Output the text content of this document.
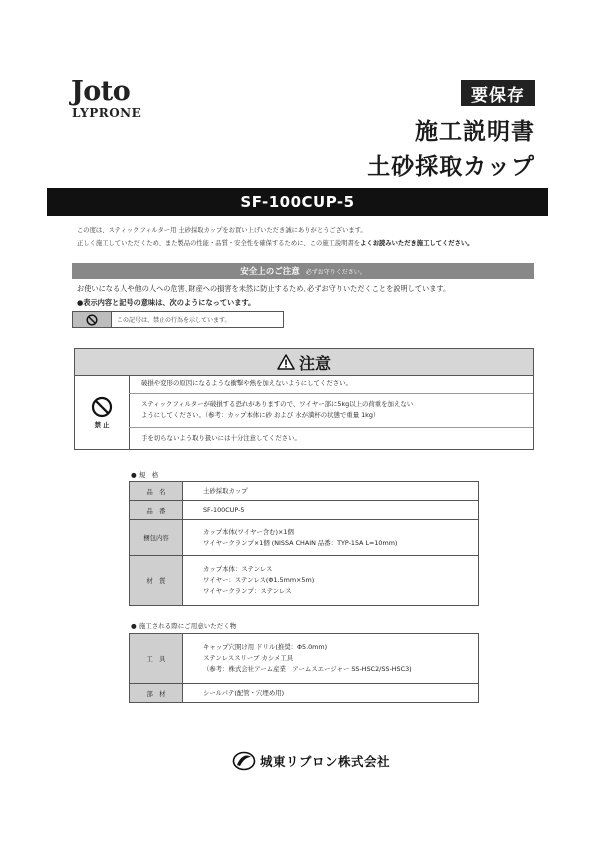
Joto
LYPRONE
要保存
施工説明書
土砂採取カップ
SF-100CUP-5
この度は、スティックフィルター用 土砂採取カップをお買い上げいただき誠にありがとうございます。
正しく施工していただくため、また製品の性能・品質・安全性を確保するために、この施工説明書をよくお読みいただき施工してください。
安全上のご注意 必ずお守りください。
お使いになる人や他の人への危害､財産への損害を未然に防止するため､必ずお守りいただくことを説明しています。
●表示内容と記号の意味は、次のようになっています。
この記号は、禁止の行為を示しています。
注意
禁 止
破損や変形の原因になるような衝撃や熱を加えないようにしてください。
スティックフィルターが破損する恐れがありますので、ワイヤー部に5kg以上の荷重を加えない
ようにしてください。（参考：カップ本体に砂 および 水が満杯の状態で重量 1kg）
手を切らないよう取り扱いには十分注意してください。
● 規　格
品　名	土砂採取カップ

品　番	SF-100CUP-5

梱包内容	カップ本体(ワイヤー含む)×1個
ワイヤークランプ×1個 (NISSA CHAIN 品番：TYP-15A L=10mm)

材　質	カップ本体：ステンレス
ワイヤー：ステンレス(Φ1.5mm×5m)
ワイヤークランプ：ステンレス
● 施工される際にご用意いただく物
工　具	キャップ穴開け用 ドリル(推奨：Φ5.0mm)
ステンレススリーブ カシメ工具
（参考：株式会社アーム産業　アームスエージャー SS-HSC2/SS-HSC3)

部　材	シールパテ(配管・穴埋め用)
城東リブロン株式会社
